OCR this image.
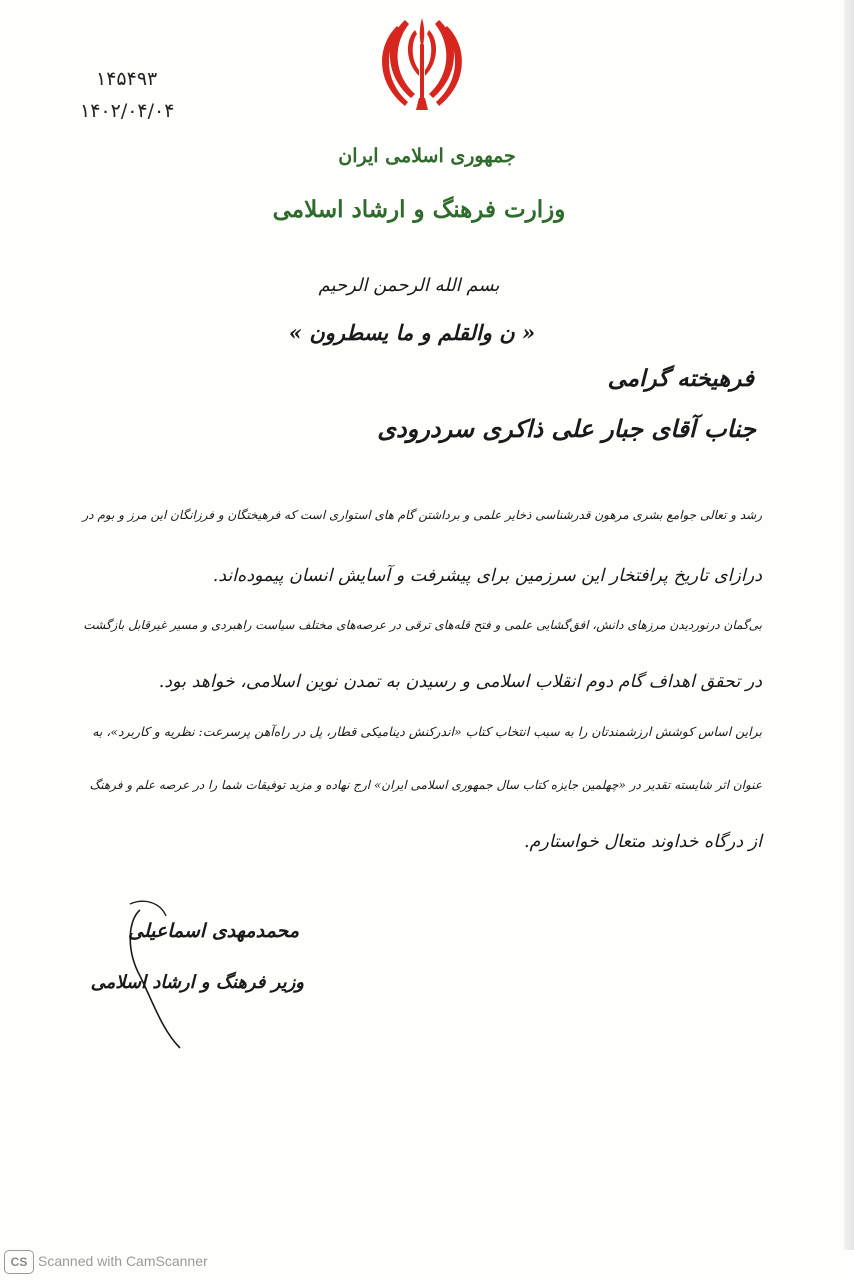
۱۴۵۴۹۳
۱۴۰۲/۰۴/۰۴
جمهوری اسلامی ایران
وزارت فرهنگ و ارشاد اسلامی
بسم الله الرحمن الرحیم
« ن والقلم و ما یسطرون »
فرهیخته گرامی
جناب آقای جبار علی ذاکری سردرودی
رشد و تعالی جوامع بشری مرهون قدرشناسی ذخایر علمی و برداشتن گام های استواری است که فرهیختگان و فرزانگان این مرز و بوم در
درازای تاریخ پرافتخار این سرزمین برای پیشرفت و آسایش انسان پیموده‌اند.
بی‌گمان درنوردیدن مرزهای دانش، افق‌گشایی علمی و فتح قله‌های ترقی در عرصه‌های مختلف سیاست راهبردی و مسیر غیرقابل بازگشت
در تحقق اهداف گام دوم انقلاب اسلامی و رسیدن به تمدن نوین اسلامی، خواهد بود.
براین اساس کوشش ارزشمندتان را به سبب انتخاب کتاب «اندرکنش دینامیکی قطار، پل در راه‌آهن پرسرعت: نظریه و کاربرد»، به
عنوان اثر شایسته تقدیر در «چهلمین جایزه کتاب سال جمهوری اسلامی ایران» ارج نهاده و مزید توفیقات شما را در عرصه علم و فرهنگ
از درگاه خداوند متعال خواستارم.
محمدمهدی اسماعیلی
وزیر فرهنگ و ارشاد اسلامی
CS Scanned with CamScanner
